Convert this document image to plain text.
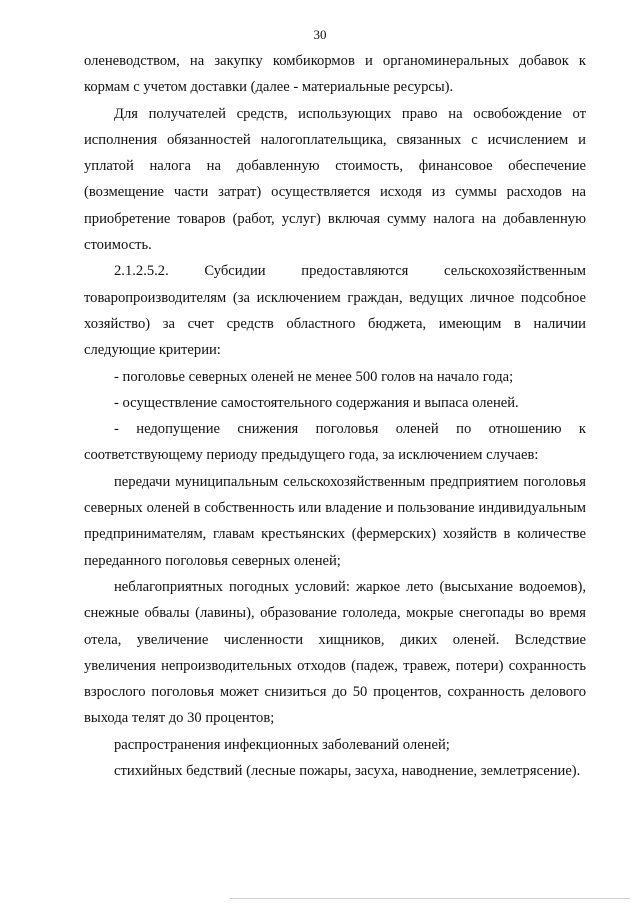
30

оленеводством, на закупку комбикормов и органоминеральных добавок к кормам с учетом доставки (далее - материальные ресурсы).

Для получателей средств, использующих право на освобождение от исполнения обязанностей налогоплательщика, связанных с исчислением и уплатой налога на добавленную стоимость, финансовое обеспечение (возмещение части затрат) осуществляется исходя из суммы расходов на приобретение товаров (работ, услуг) включая сумму налога на добавленную стоимость.

2.1.2.5.2. Субсидии предоставляются сельскохозяйственным товаропроизводителям (за исключением граждан, ведущих личное подсобное хозяйство) за счет средств областного бюджета, имеющим в наличии следующие критерии:

- поголовье северных оленей не менее 500 голов на начало года;

- осуществление самостоятельного содержания и выпаса оленей.

- недопущение снижения поголовья оленей по отношению к соответствующему периоду предыдущего года, за исключением случаев:

передачи муниципальным сельскохозяйственным предприятием поголовья северных оленей в собственность или владение и пользование индивидуальным предпринимателям, главам крестьянских (фермерских) хозяйств в количестве переданного поголовья северных оленей;

неблагоприятных погодных условий: жаркое лето (высыхание водоемов), снежные обвалы (лавины), образование гололеда, мокрые снегопады во время отела, увеличение численности хищников, диких оленей. Вследствие увеличения непроизводительных отходов (падеж, травеж, потери) сохранность взрослого поголовья может снизиться до 50 процентов, сохранность делового выхода телят до 30 процентов;

распространения инфекционных заболеваний оленей;

стихийных бедствий (лесные пожары, засуха, наводнение, землетрясение).
